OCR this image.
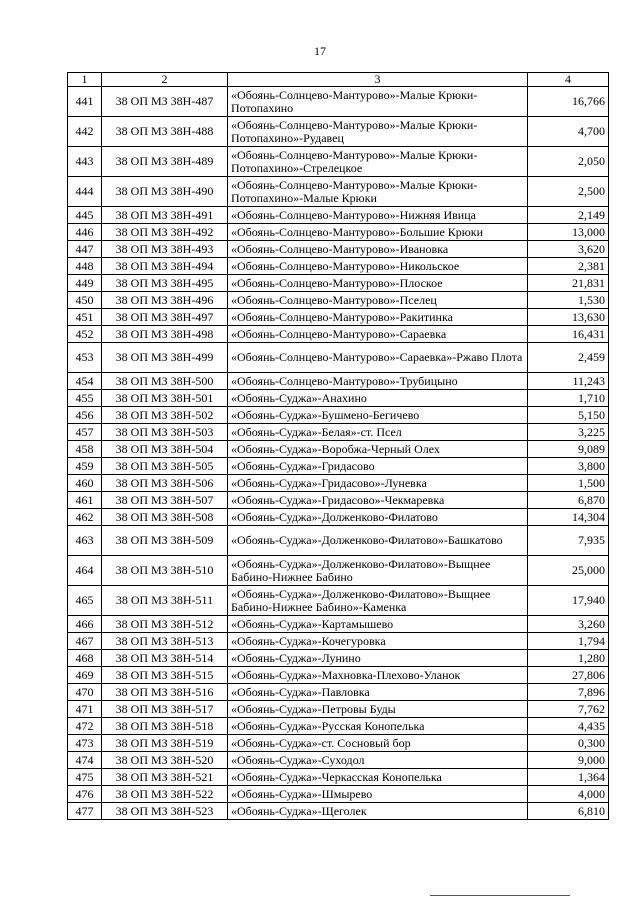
17
1	2	3	4
441	38 ОП МЗ 38Н-487	«Обоянь-Солнцево-Мантурово»-Малые Крюки-Потопахино	16,766
442	38 ОП МЗ 38Н-488	«Обоянь-Солнцево-Мантурово»-Малые Крюки-Потопахино»-Рудавец	4,700
443	38 ОП МЗ 38Н-489	«Обоянь-Солнцево-Мантурово»-Малые Крюки-Потопахино»-Стрелецкое	2,050
444	38 ОП МЗ 38Н-490	«Обоянь-Солнцево-Мантурово»-Малые Крюки-Потопахино»-Малые Крюки	2,500
445	38 ОП МЗ 38Н-491	«Обоянь-Солнцево-Мантурово»-Нижняя Ивица	2,149
446	38 ОП МЗ 38Н-492	«Обоянь-Солнцево-Мантурово»-Большие Крюки	13,000
447	38 ОП МЗ 38Н-493	«Обоянь-Солнцево-Мантурово»-Ивановка	3,620
448	38 ОП МЗ 38Н-494	«Обоянь-Солнцево-Мантурово»-Никольское	2,381
449	38 ОП МЗ 38Н-495	«Обоянь-Солнцево-Мантурово»-Плоское	21,831
450	38 ОП МЗ 38Н-496	«Обоянь-Солнцево-Мантурово»-Пселец	1,530
451	38 ОП МЗ 38Н-497	«Обоянь-Солнцево-Мантурово»-Ракитинка	13,630
452	38 ОП МЗ 38Н-498	«Обоянь-Солнцево-Мантурово»-Сараевка	16,431
453	38 ОП МЗ 38Н-499	«Обоянь-Солнцево-Мантурово»-Сараевка»-Ржаво Плота	2,459
454	38 ОП МЗ 38Н-500	«Обоянь-Солнцево-Мантурово»-Трубицыно	11,243
455	38 ОП МЗ 38Н-501	«Обоянь-Суджа»-Анахино	1,710
456	38 ОП МЗ 38Н-502	«Обоянь-Суджа»-Бушмено-Бегичево	5,150
457	38 ОП МЗ 38Н-503	«Обоянь-Суджа»-Белая»-ст. Псел	3,225
458	38 ОП МЗ 38Н-504	«Обоянь-Суджа»-Воробжа-Черный Олех	9,089
459	38 ОП МЗ 38Н-505	«Обоянь-Суджа»-Гридасово	3,800
460	38 ОП МЗ 38Н-506	«Обоянь-Суджа»-Гридасово»-Луневка	1,500
461	38 ОП МЗ 38Н-507	«Обоянь-Суджа»-Гридасово»-Чекмаревка	6,870
462	38 ОП МЗ 38Н-508	«Обоянь-Суджа»-Долженково-Филатово	14,304
463	38 ОП МЗ 38Н-509	«Обоянь-Суджа»-Долженково-Филатово»-Башкатово	7,935
464	38 ОП МЗ 38Н-510	«Обоянь-Суджа»-Долженково-Филатово»-Выщнее Бабино-Нижнее Бабино	25,000
465	38 ОП МЗ 38Н-511	«Обоянь-Суджа»-Долженково-Филатово»-Выщнее Бабино-Нижнее Бабино»-Каменка	17,940
466	38 ОП МЗ 38Н-512	«Обоянь-Суджа»-Картамышево	3,260
467	38 ОП МЗ 38Н-513	«Обоянь-Суджа»-Кочегуровка	1,794
468	38 ОП МЗ 38Н-514	«Обоянь-Суджа»-Лунино	1,280
469	38 ОП МЗ 38Н-515	«Обоянь-Суджа»-Махновка-Плехово-Уланок	27,806
470	38 ОП МЗ 38Н-516	«Обоянь-Суджа»-Павловка	7,896
471	38 ОП МЗ 38Н-517	«Обоянь-Суджа»-Петровы Буды	7,762
472	38 ОП МЗ 38Н-518	«Обоянь-Суджа»-Русская Конопелька	4,435
473	38 ОП МЗ 38Н-519	«Обоянь-Суджа»-ст. Сосновый бор	0,300
474	38 ОП МЗ 38Н-520	«Обоянь-Суджа»-Суходол	9,000
475	38 ОП МЗ 38Н-521	«Обоянь-Суджа»-Черкасская Конопелька	1,364
476	38 ОП МЗ 38Н-522	«Обоянь-Суджа»-Шмырево	4,000
477	38 ОП МЗ 38Н-523	«Обоянь-Суджа»-Щеголек	6,810
